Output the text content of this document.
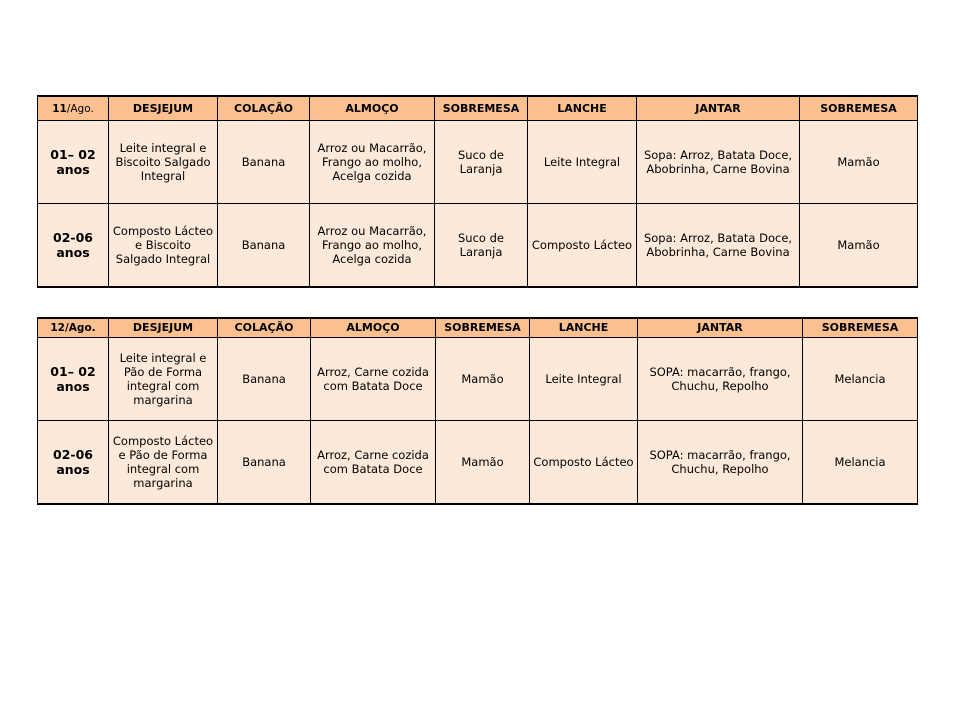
11/Ago.	DESJEJUM	COLAÇÃO	ALMOÇO	SOBREMESA	LANCHE	JANTAR	SOBREMESA
01– 02 anos	Leite integral e Biscoito Salgado Integral	Banana	Arroz ou Macarrão, Frango ao molho, Acelga cozida	Suco de Laranja	Leite Integral	Sopa: Arroz, Batata Doce, Abobrinha, Carne Bovina	Mamão
02-06 anos	Composto Lácteo e Biscoito Salgado Integral	Banana	Arroz ou Macarrão, Frango ao molho, Acelga cozida	Suco de Laranja	Composto Lácteo	Sopa: Arroz, Batata Doce, Abobrinha, Carne Bovina	Mamão
12/Ago.	DESJEJUM	COLAÇÃO	ALMOÇO	SOBREMESA	LANCHE	JANTAR	SOBREMESA
01– 02 anos	Leite integral e Pão de Forma integral com margarina	Banana	Arroz, Carne cozida com Batata Doce	Mamão	Leite Integral	SOPA: macarrão, frango, Chuchu, Repolho	Melancia
02-06 anos	Composto Lácteo e Pão de Forma integral com margarina	Banana	Arroz, Carne cozida com Batata Doce	Mamão	Composto Lácteo	SOPA: macarrão, frango, Chuchu, Repolho	Melancia
